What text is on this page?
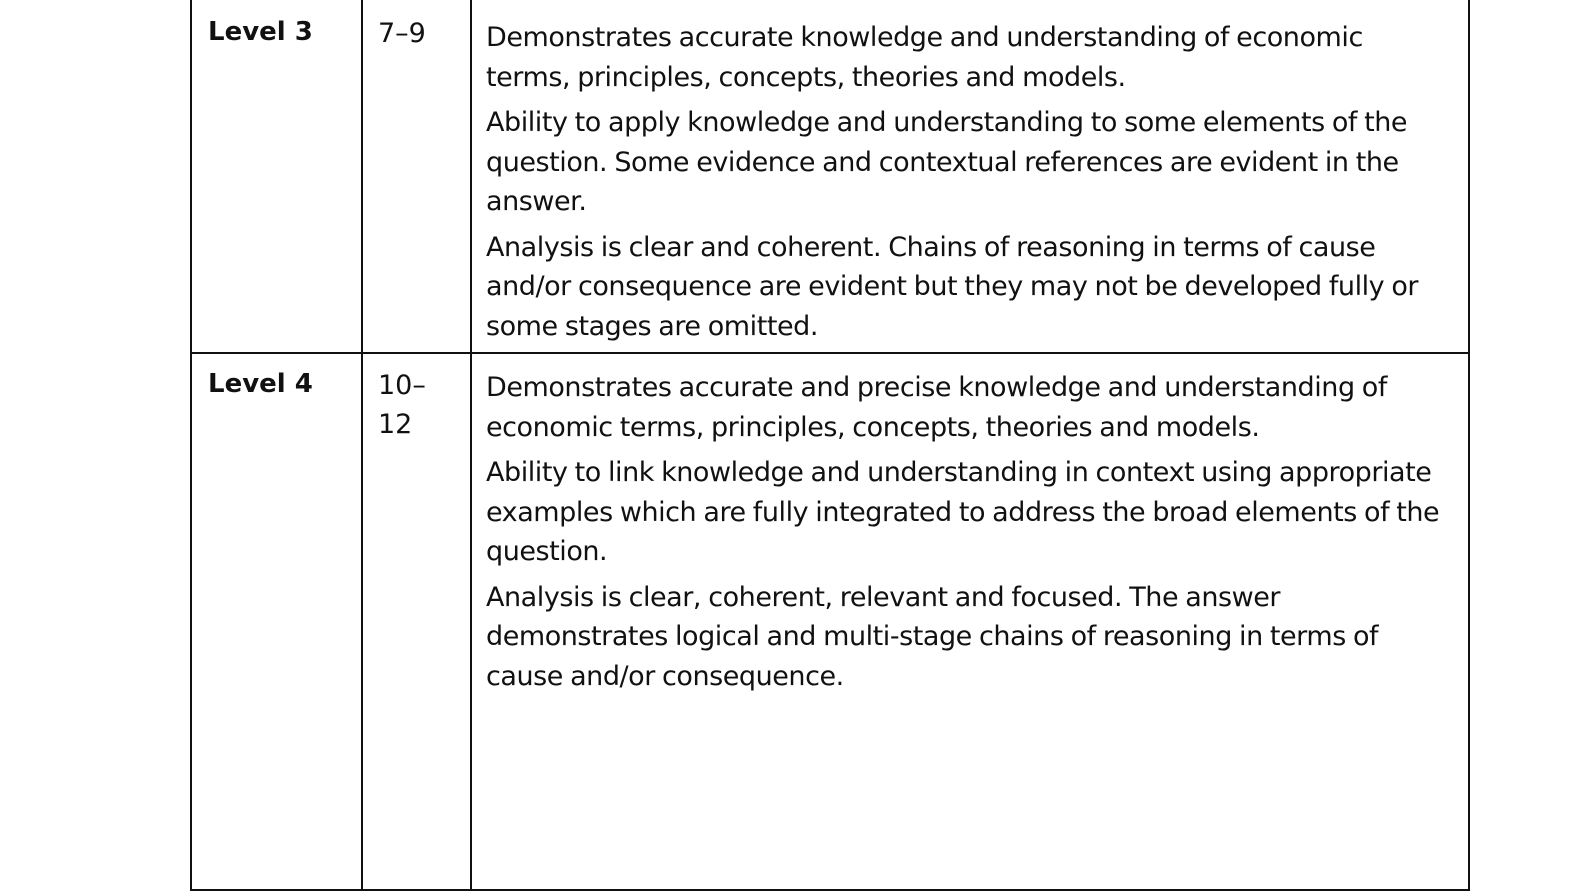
Level 3	7–9	Demonstrates accurate knowledge and understanding of economic terms, principles, concepts, theories and models.

Ability to apply knowledge and understanding to some elements of the question. Some evidence and contextual references are evident in the answer.

Analysis is clear and coherent. Chains of reasoning in terms of cause and/or consequence are evident but they may not be developed fully or some stages are omitted.

Level 4	10–12	Demonstrates accurate and precise knowledge and understanding of economic terms, principles, concepts, theories and models.

Ability to link knowledge and understanding in context using appropriate examples which are fully integrated to address the broad elements of the question.

Analysis is clear, coherent, relevant and focused. The answer demonstrates logical and multi-stage chains of reasoning in terms of cause and/or consequence.
